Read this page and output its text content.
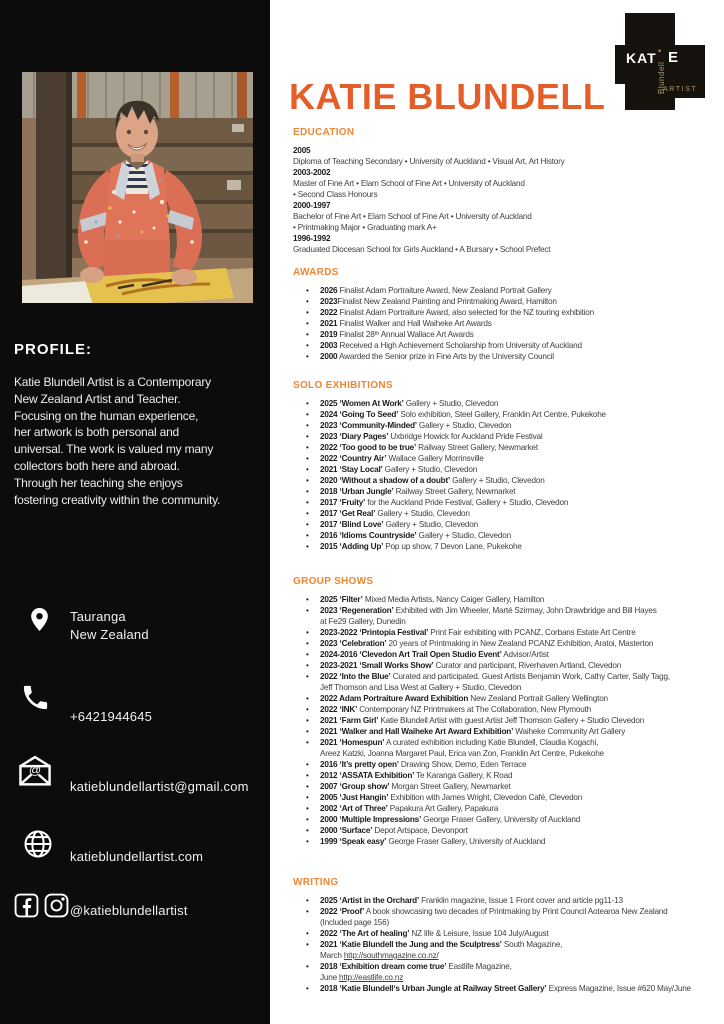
PROFILE:
Katie Blundell Artist is a Contemporary
New Zealand Artist and Teacher.
Focusing on the human experience,
her artwork is both personal and
universal. The work is valued my many
collectors both here and abroad.
Through her teaching she enjoys
fostering creativity within the community.
Tauranga
New Zealand
+6421944645
@
katieblundellartist@gmail.com
katieblundellartist.com
@katieblundellartist
KATIE BLUNDELL
KAT •
Blundell
E
ARTIST
EDUCATION
2005
Diploma of Teaching Secondary • University of Auckland • Visual Art, Art History
2003-2002
Master of Fine Art • Elam School of Fine Art • University of Auckland
• Second Class Honours
2000-1997
Bachelor of Fine Art • Elam School of Fine Art • University of Auckland
• Printmaking Major • Graduating mark A+
1996-1992
Graduated Diocesan School for Girls Auckland • A Bursary • School Prefect
AWARDS
•	2026 Finalist Adam Portraiture Award, New Zealand Portrait Gallery
•	2023Finalist New Zealand Painting and Printmaking Award, Hamilton
•	2022 Finalist Adam Portraiture Award, also selected for the NZ touring exhibition
•	2021 Finalist Walker and Hall Waiheke Art Awards
•	2019 Finalist 28ᵗʰ Annual Wallace Art Awards
•	2003 Received a High Achievement Scholarship from University of Auckland
•	2000 Awarded the Senior prize in Fine Arts by the University Council
SOLO EXHIBITIONS
•	2025 ‘Women At Work’ Gallery + Studio, Clevedon
•	2024 ‘Going To Seed’ Solo exhibition, Steel Gallery, Franklin Art Centre, Pukekohe
•	2023 ‘Community-Minded’ Gallery + Studio, Clevedon
•	2023 ‘Diary Pages’ Uxbridge Howick for Auckland Pride Festival
•	2022 ‘Too good to be true’ Railway Street Gallery, Newmarket
•	2022 ‘Country Air’ Wallace Gallery Morrinsville
•	2021 ‘Stay Local’ Gallery + Studio, Clevedon
•	2020 ‘Without a shadow of a doubt’ Gallery + Studio, Clevedon
•	2018 ‘Urban Jungle’ Railway Street Gallery, Newmarket
•	2017 ‘Fruity’ for the Auckland Pride Festival, Gallery + Studio, Clevedon
•	2017 ‘Get Real’ Gallery + Studio, Clevedon
•	2017 ‘Blind Love’ Gallery + Studio, Clevedon
•	2016 ‘Idioms Countryside’ Gallery + Studio, Clevedon
•	2015 ‘Adding Up’ Pop up show, 7 Devon Lane, Pukekohe
GROUP SHOWS
•	2025 ‘Filter’ Mixed Media Artists, Nancy Caiger Gallery, Hamilton
•	2023 ‘Regeneration’ Exhibited with Jim Wheeler, Marté Szirmay, John Drawbridge and Bill Hayes
at Fe29 Gallery, Dunedin
•	2023-2022 ‘Printopia Festival’ Print Fair exhibiting with PCANZ, Corbans Estate Art Centre
•	2023 ‘Celebration’ 20 years of Printmaking in New Zealand PCANZ Exhibition, Aratoi, Masterton
•	2024-2016 ‘Clevedon Art Trail Open Studio Event’ Advisor/Artist
•	2023-2021 ‘Small Works Show’ Curator and participant, Riverhaven Artland, Clevedon
•	2022 ‘Into the Blue’ Curated and participated. Guest Artists Benjamin Work, Cathy Carter, Sally Tagg,
Jeff Thomson and Lisa West at Gallery + Studio, Clevedon
•	2022 Adam Portraiture Award Exhibition New Zealand Portrait Gallery Wellington
•	2022 ‘INK’ Contemporary NZ Printmakers at The Collaboration, New Plymouth
•	2021 ‘Farm Girl’ Katie Blundell Artist with guest Artist Jeff Thomson Gallery + Studio Clevedon
•	2021 ‘Walker and Hall Waiheke Art Award Exhibition’ Waiheke Community Art Gallery
•	2021 ‘Homespun’ A curated exhibition including Katie Blundell, Claudia Kogachi,
Areez Katzki, Joanna Margaret Paul, Erica van Zon, Franklin Art Centre, Pukekohe
•	2016 ‘It’s pretty open’ Drawing Show, Demo, Eden Terrace
•	2012 ‘ASSATA Exhibition’ Te Karanga Gallery, K Road
•	2007 ‘Group show’ Morgan Street Gallery, Newmarket
•	2005 ‘Just Hangin’ Exhibition with James Wright, Clevedon Café, Clevedon
•	2002 ‘Art of Three’ Papakura Art Gallery, Papakura
•	2000 ‘Multiple Impressions’ George Fraser Gallery, University of Auckland
•	2000 ‘Surface’ Depot Artspace, Devonport
•	1999 ‘Speak easy’ George Fraser Gallery, University of Auckland
WRITING
•	2025 ‘Artist in the Orchard’ Franklin magazine, Issue 1 Front cover and article pg11-13
•	2022 ‘Proof’ A book showcasing two decades of Printmaking by Print Council Aotearoa New Zealand
(Included page 156)
•	2022 ‘The Art of healing’ NZ life & Leisure, Issue 104 July/August
•	2021 ‘Katie Blundell the Jung and the Sculptress’ South Magazine,
March http://southmagazine.co.nz/
•	2018 ‘Exhibition dream come true’ Eastlife Magazine,
June http://eastlife.co.nz
•	2018 ‘Katie Blundell‘s Urban Jungle at Railway Street Gallery’ Express Magazine, Issue #620 May/June
